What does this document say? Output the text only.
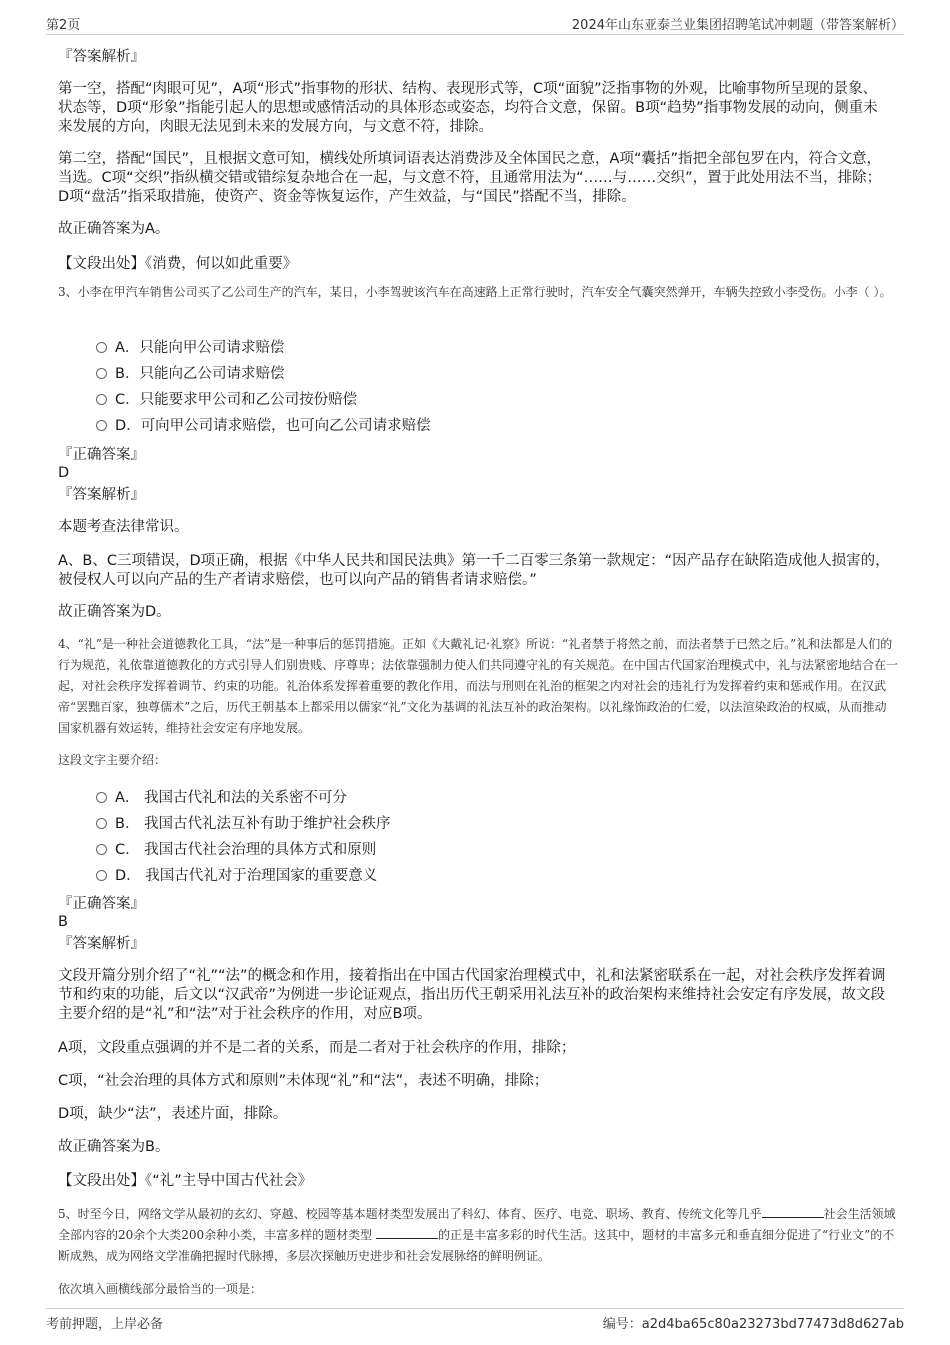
第2页	2024年山东亚泰兰业集团招聘笔试冲刺题（带答案解析）
『答案解析』

第一空，搭配“肉眼可见”，A项“形式”指事物的形状、结构、表现形式等，C项“面貌”泛指事物的外观，比喻事物所呈现的景象、状态等，D项“形象”指能引起人的思想或感情活动的具体形态或姿态，均符合文意，保留。B项“趋势”指事物发展的动向，侧重未来发展的方向，肉眼无法见到未来的发展方向，与文意不符，排除。

第二空，搭配“国民”，且根据文意可知，横线处所填词语表达消费涉及全体国民之意，A项“囊括”指把全部包罗在内，符合文意，当选。C项“交织”指纵横交错或错综复杂地合在一起，与文意不符，且通常用法为“……与……交织”，置于此处用法不当，排除；D项“盘活”指采取措施，使资产、资金等恢复运作，产生效益，与“国民”搭配不当，排除。

故正确答案为A。
【文段出处】《消费，何以如此重要》

3、小李在甲汽车销售公司买了乙公司生产的汽车，某日，小李驾驶该汽车在高速路上正常行驶时，汽车安全气囊突然弹开，车辆失控致小李受伤。小李（ ）。

A．只能向甲公司请求赔偿
B．只能向乙公司请求赔偿
C．只能要求甲公司和乙公司按份赔偿
D．可向甲公司请求赔偿，也可向乙公司请求赔偿
『正确答案』
D
『答案解析』
本题考查法律常识。

A、B、C三项错误，D项正确，根据《中华人民共和国民法典》第一千二百零三条第一款规定：“因产品存在缺陷造成他人损害的，被侵权人可以向产品的生产者请求赔偿，也可以向产品的销售者请求赔偿。”

故正确答案为D。

4、“礼”是一种社会道德教化工具，“法”是一种事后的惩罚措施。正如《大戴礼记·礼察》所说：“礼者禁于将然之前，而法者禁于已然之后。”礼和法都是人们的行为规范，礼依靠道德教化的方式引导人们别贵贱、序尊卑；法依靠强制力使人们共同遵守礼的有关规范。在中国古代国家治理模式中，礼与法紧密地结合在一起，对社会秩序发挥着调节、约束的功能。礼治体系发挥着重要的教化作用，而法与刑则在礼治的框架之内对社会的违礼行为发挥着约束和惩戒作用。在汉武帝“罢黜百家，独尊儒术”之后，历代王朝基本上都采用以儒家“礼”文化为基调的礼法互补的政治架构。以礼缘饰政治的仁爱，以法渲染政治的权威，从而推动国家机器有效运转，维持社会安定有序地发展。

这段文字主要介绍：
A． 我国古代礼和法的关系密不可分
B． 我国古代礼法互补有助于维护社会秩序
C． 我国古代社会治理的具体方式和原则
D． 我国古代礼对于治理国家的重要意义
『正确答案』
B
『答案解析』

文段开篇分别介绍了“礼”“法”的概念和作用，接着指出在中国古代国家治理模式中，礼和法紧密联系在一起，对社会秩序发挥着调节和约束的功能，后文以“汉武帝”为例进一步论证观点，指出历代王朝采用礼法互补的政治架构来维持社会安定有序发展，故文段主要介绍的是“礼”和“法”对于社会秩序的作用，对应B项。

A项，文段重点强调的并不是二者的关系，而是二者对于社会秩序的作用，排除；
C项，“社会治理的具体方式和原则”未体现“礼”和“法”，表述不明确，排除；
D项，缺少“法”，表述片面，排除。
故正确答案为B。
【文段出处】《“礼”主导中国古代社会》

5、时至今日，网络文学从最初的玄幻、穿越、校园等基本题材类型发展出了科幻、体育、医疗、电竞、职场、教育、传统文化等几乎	社会生活领域全部内容的20余个大类200余种小类，丰富多样的题材类型	的正是丰富多彩的时代生活。这其中，题材的丰富多元和垂直细分促进了“行业文”的不断成熟，成为网络文学准确把握时代脉搏，多层次探触历史进步和社会发展脉络的鲜明例证。

依次填入画横线部分最恰当的一项是：
考前押题，上岸必备	编号：a2d4ba65c80a23273bd77473d8d627ab
